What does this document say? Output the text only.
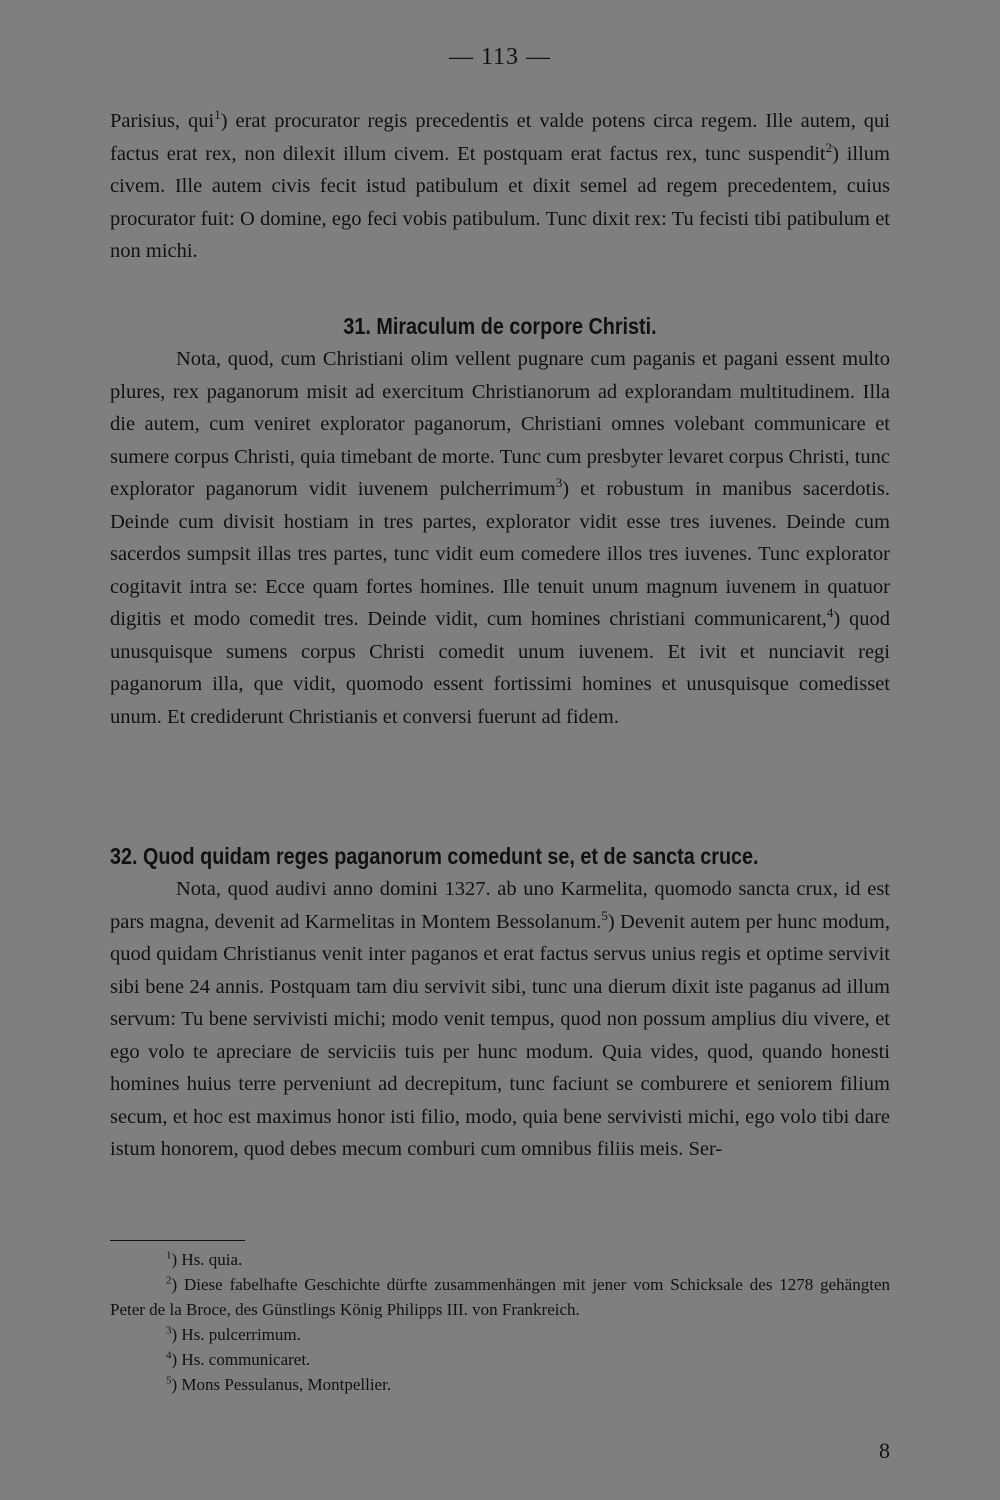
— 113 —

Parisius, qui$^1$) erat procurator regis precedentis et valde potens circa regem. Ille autem, qui factus erat rex, non dilexit illum civem. Et postquam erat factus rex, tunc suspendit$^2$) illum civem. Ille autem civis fecit istud patibulum et dixit semel ad regem precedentem, cuius procurator fuit: O domine, ego feci vobis patibulum. Tunc dixit rex: Tu fecisti tibi patibulum et non michi.

31. Miraculum de corpore Christi.

Nota, quod, cum Christiani olim vellent pugnare cum paganis et pagani essent multo plures, rex paganorum misit ad exercitum Christianorum ad explorandam multitudinem. Illa die autem, cum veniret explorator paganorum, Christiani omnes volebant communicare et sumere corpus Christi, quia timebant de morte. Tunc cum presbyter levaret corpus Christi, tunc explorator paganorum vidit iuvenem pulcherrimum$^3$) et robustum in manibus sacerdotis. Deinde cum divisit hostiam in tres partes, explorator vidit esse tres iuvenes. Deinde cum sacerdos sumpsit illas tres partes, tunc vidit eum comedere illos tres iuvenes. Tunc explorator cogitavit intra se: Ecce quam fortes homines. Ille tenuit unum magnum iuvenem in quatuor digitis et modo comedit tres. Deinde vidit, cum homines christiani communicarent,$^4$) quod unusquisque sumens corpus Christi comedit unum iuvenem. Et ivit et nunciavit regi paganorum illa, que vidit, quomodo essent fortissimi homines et unusquisque comedisset unum. Et crediderunt Christianis et conversi fuerunt ad fidem.

32. Quod quidam reges paganorum comedunt se, et de sancta cruce.

Nota, quod audivi anno domini 1327. ab uno Karmelita, quomodo sancta crux, id est pars magna, devenit ad Karmelitas in Montem Bessolanum.$^5$) Devenit autem per hunc modum, quod quidam Christianus venit inter paganos et erat factus servus unius regis et optime servivit sibi bene 24 annis. Postquam tam diu servivit sibi, tunc una dierum dixit iste paganus ad illum servum: Tu bene servivisti michi; modo venit tempus, quod non possum amplius diu vivere, et ego volo te apreciare de serviciis tuis per hunc modum. Quia vides, quod, quando honesti homines huius terre perveniunt ad decrepitum, tunc faciunt se comburere et seniorem filium secum, et hoc est maximus honor isti filio, modo, quia bene servivisti michi, ego volo tibi dare istum honorem, quod debes mecum comburi cum omnibus filiis meis. Ser-

$^1$) Hs. quia.

$^2$) Diese fabelhafte Geschichte dürfte zusammenhängen mit jener vom Schicksale des 1278 gehängten Peter de la Broce, des Günstlings König Philipps III. von Frankreich.

$^3$) Hs. pulcerrimum.

$^4$) Hs. communicaret.

$^5$) Mons Pessulanus, Montpellier.

8
